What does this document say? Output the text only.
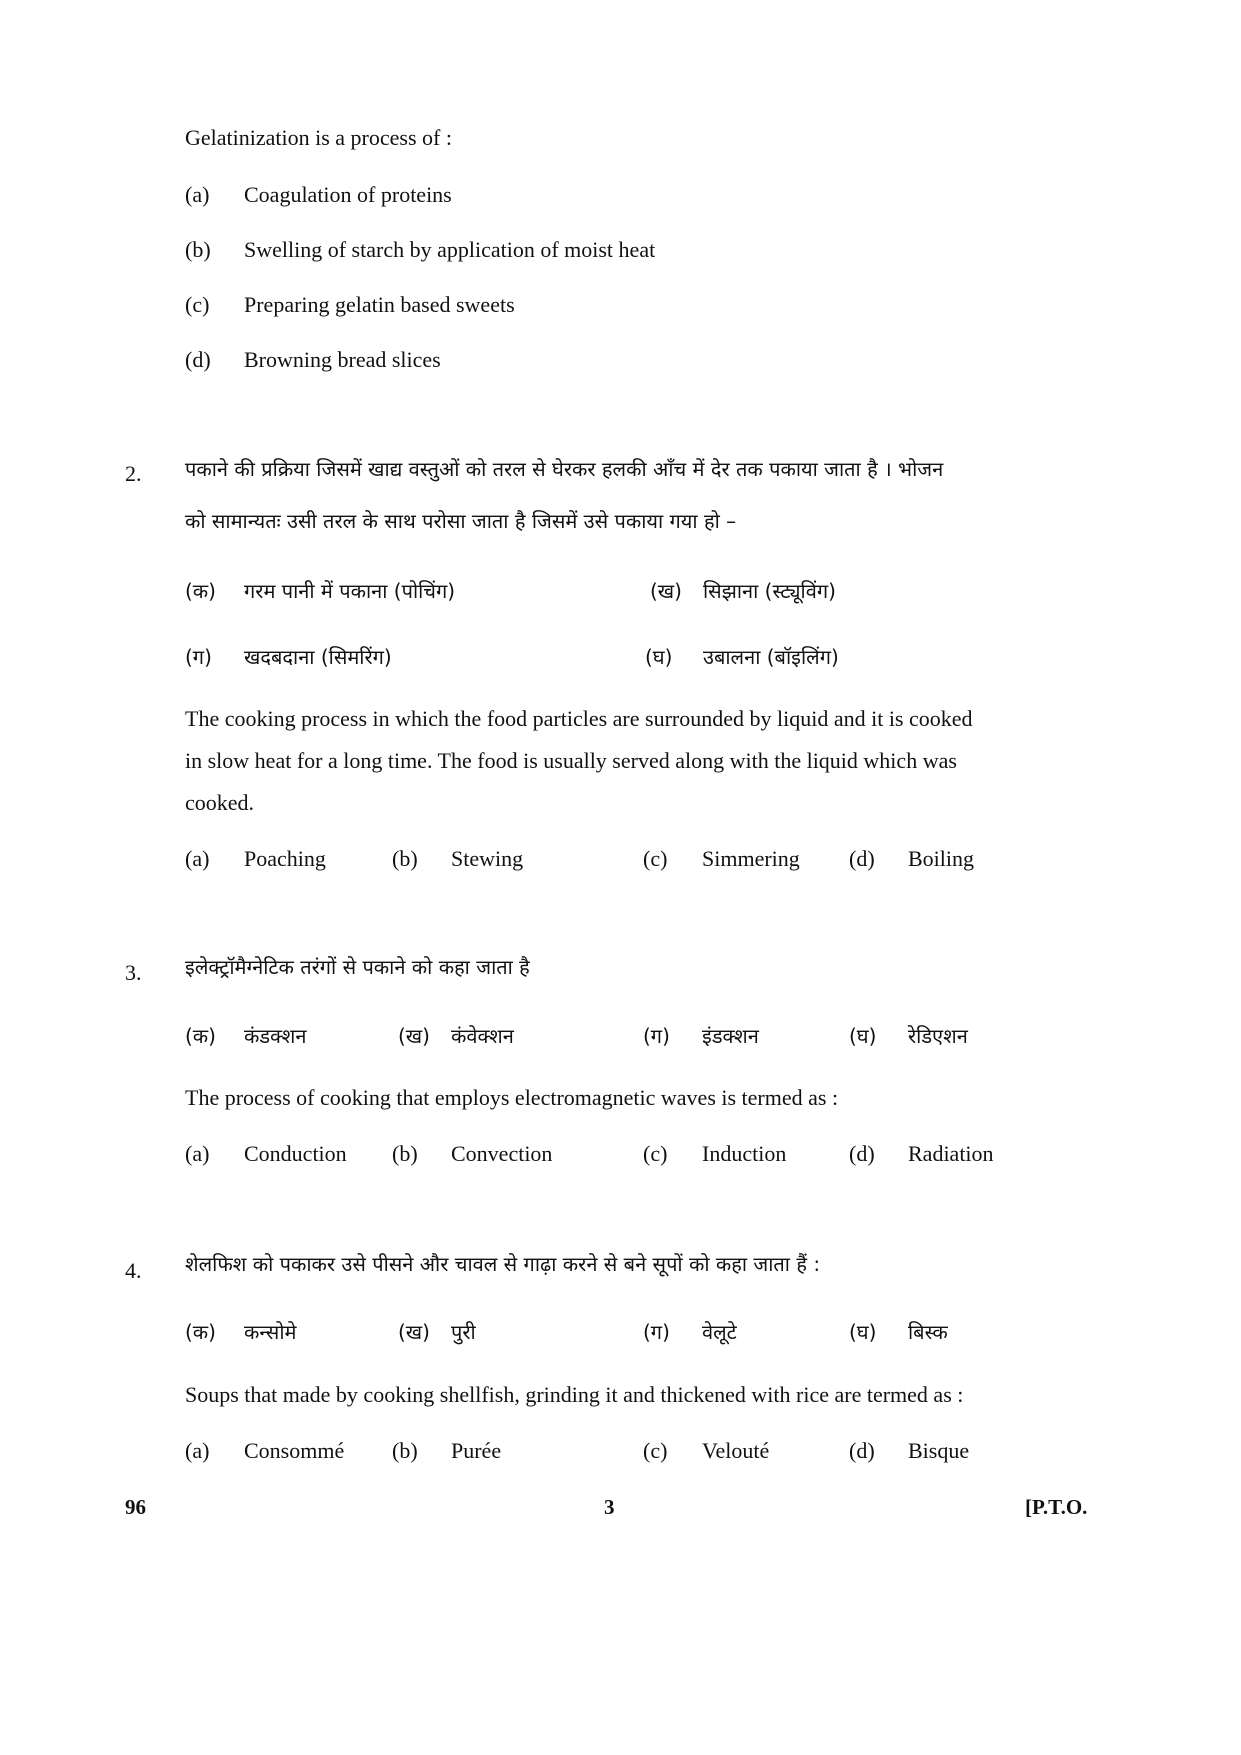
Gelatinization is a process of :
(a) Coagulation of proteins
(b) Swelling of starch by application of moist heat
(c) Preparing gelatin based sweets
(d) Browning bread slices
2. पकाने की प्रक्रिया जिसमें खाद्य वस्तुओं को तरल से घेरकर हलकी आँच में देर तक पकाया जाता है । भोजन
को सामान्यतः उसी तरल के साथ परोसा जाता है जिसमें उसे पकाया गया हो –
(क) गरम पानी में पकाना (पोचिंग)	(ख) सिझाना (स्ट्यूविंग)
(ग) खदबदाना (सिमरिंग)	(घ) उबालना (बॉइलिंग)
The cooking process in which the food particles are surrounded by liquid and it is cooked
in slow heat for a long time. The food is usually served along with the liquid which was
cooked.
(a) Poaching	(b) Stewing	(c) Simmering (d) Boiling
3. इलेक्ट्रॉमैग्नेटिक तरंगों से पकाने को कहा जाता है
(क) कंडक्शन	(ख) कंवेक्शन	(ग) इंडक्शन	(घ) रेडिएशन
The process of cooking that employs electromagnetic waves is termed as :
(a) Conduction (b) Convection	(c) Induction	(d) Radiation
4. शेलफिश को पकाकर उसे पीसने और चावल से गाढ़ा करने से बने सूपों को कहा जाता हैं :
(क) कन्सोमे	(ख) पुरी	(ग) वेलूटे	(घ) बिस्क
Soups that made by cooking shellfish, grinding it and thickened with rice are termed as :
(a) Consommé (b) Purée	(c) Velouté	(d) Bisque
96	3	[P.T.O.
